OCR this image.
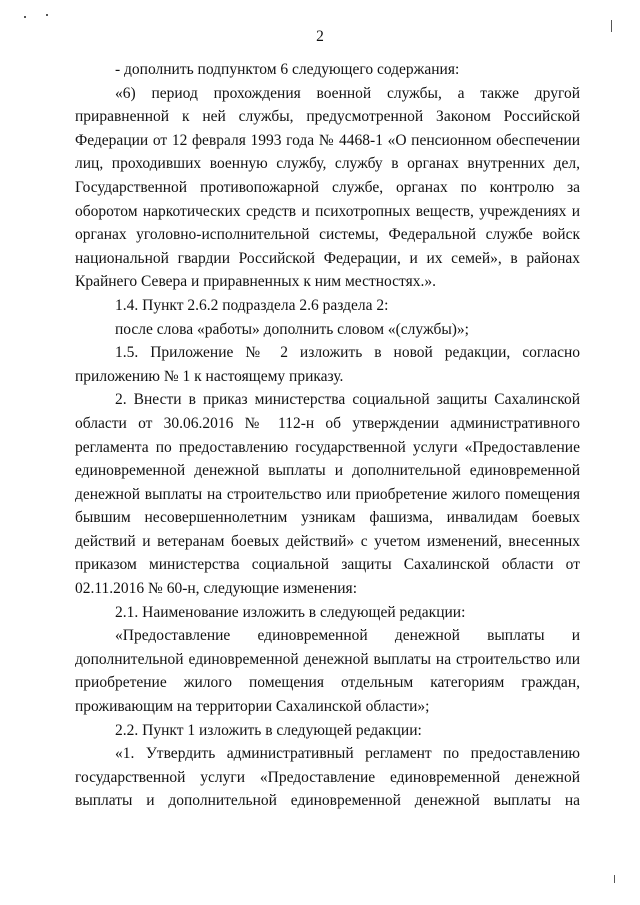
2

- дополнить подпунктом 6 следующего содержания:

«6) период прохождения военной службы, а также другой приравненной к ней службы, предусмотренной Законом Российской Федерации от 12 февраля 1993 года № 4468-1 «О пенсионном обеспечении лиц, проходивших военную службу, службу в органах внутренних дел, Государственной противопожарной службе, органах по контролю за оборотом наркотических средств и психотропных веществ, учреждениях и органах уголовно-исполнительной системы, Федеральной службе войск национальной гвардии Российской Федерации, и их семей», в районах Крайнего Севера и приравненных к ним местностях.».

1.4. Пункт 2.6.2 подраздела 2.6 раздела 2:

после слова «работы» дополнить словом «(службы)»;

1.5. Приложение № 2 изложить в новой редакции, согласно приложению № 1 к настоящему приказу.

2. Внести в приказ министерства социальной защиты Сахалинской области от 30.06.2016 № 112-н об утверждении административного регламента по предоставлению государственной услуги «Предоставление единовременной денежной выплаты и дополнительной единовременной денежной выплаты на строительство или приобретение жилого помещения бывшим несовершеннолетним узникам фашизма, инвалидам боевых действий и ветеранам боевых действий» с учетом изменений, внесенных приказом министерства социальной защиты Сахалинской области от 02.11.2016 № 60-н, следующие изменения:

2.1. Наименование изложить в следующей редакции:

«Предоставление единовременной денежной выплаты и дополнительной единовременной денежной выплаты на строительство или приобретение жилого помещения отдельным категориям граждан, проживающим на территории Сахалинской области»;

2.2. Пункт 1 изложить в следующей редакции:

«1. Утвердить административный регламент по предоставлению государственной услуги «Предоставление единовременной денежной выплаты и дополнительной единовременной денежной выплаты на
